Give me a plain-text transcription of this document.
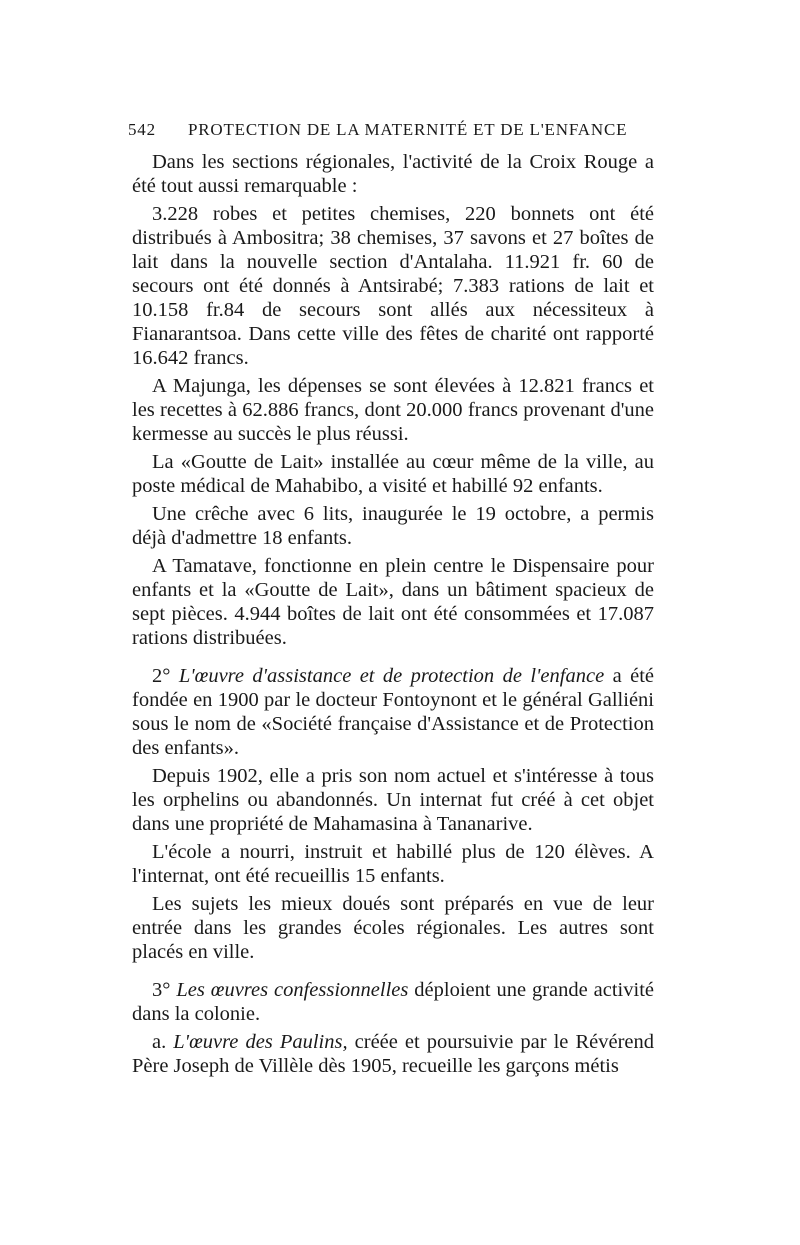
542	PROTECTION DE LA MATERNITÉ ET DE L'ENFANCE

Dans les sections régionales, l'activité de la Croix Rouge a été tout aussi remarquable :

3.228 robes et petites chemises, 220 bonnets ont été distribués à Ambositra; 38 chemises, 37 savons et 27 boîtes de lait dans la nouvelle section d'Antalaha. 11.921 fr. 60 de secours ont été donnés à Antsirabé; 7.383 rations de lait et 10.158 fr.84 de secours sont allés aux nécessiteux à Fianarantsoa. Dans cette ville des fêtes de charité ont rapporté 16.642 francs.

A Majunga, les dépenses se sont élevées à 12.821 francs et les recettes à 62.886 francs, dont 20.000 francs provenant d'une kermesse au succès le plus réussi.

La «Goutte de Lait» installée au cœur même de la ville, au poste médical de Mahabibo, a visité et habillé 92 enfants.

Une crêche avec 6 lits, inaugurée le 19 octobre, a permis déjà d'admettre 18 enfants.

A Tamatave, fonctionne en plein centre le Dispensaire pour enfants et la «Goutte de Lait», dans un bâtiment spacieux de sept pièces. 4.944 boîtes de lait ont été consommées et 17.087 rations distribuées.

2° L'œuvre d'assistance et de protection de l'enfance a été fondée en 1900 par le docteur Fontoynont et le général Galliéni sous le nom de «Société française d'Assistance et de Protection des enfants».

Depuis 1902, elle a pris son nom actuel et s'intéresse à tous les orphelins ou abandonnés. Un internat fut créé à cet objet dans une propriété de Mahamasina à Tananarive.

L'école a nourri, instruit et habillé plus de 120 élèves. A l'internat, ont été recueillis 15 enfants.

Les sujets les mieux doués sont préparés en vue de leur entrée dans les grandes écoles régionales. Les autres sont placés en ville.

3° Les œuvres confessionnelles déploient une grande activité dans la colonie.

a. L'œuvre des Paulins, créée et poursuivie par le Révérend Père Joseph de Villèle dès 1905, recueille les garçons métis
